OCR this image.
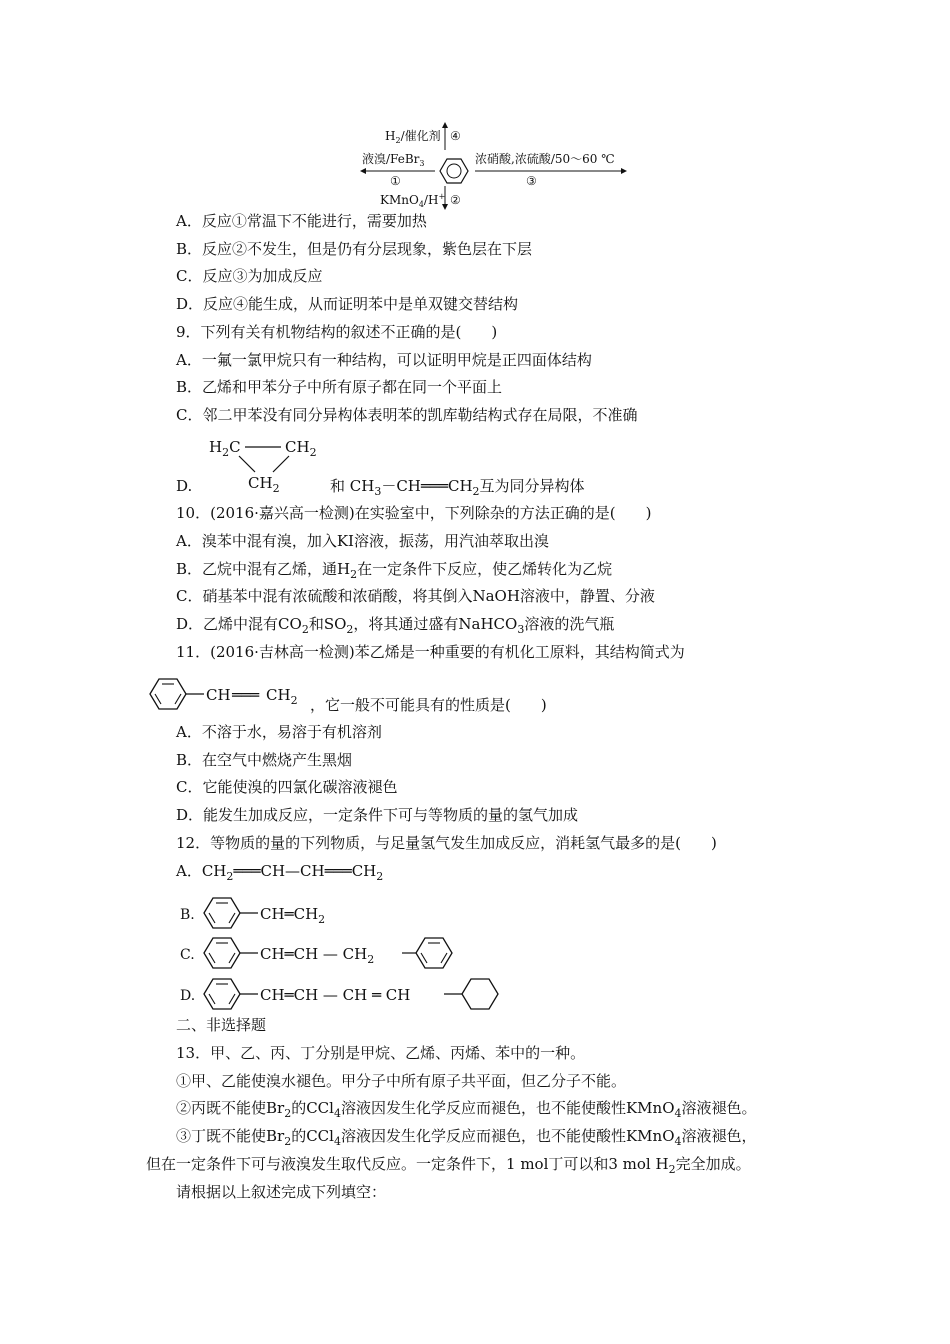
$H_2/$催化剂 ④
液溴/FeBr$_3$
①
浓硝酸,浓硫酸/50～60 ℃
③
KMnO$_4$/H+ ②
A．反应①常温下不能进行，需要加热
B．反应②不发生，但是仍有分层现象，紫色层在下层
C．反应③为加成反应
D．反应④能生成，从而证明苯中是单双键交替结构
9．下列有关有机物结构的叙述不正确的是(　　)
A．一氟一氯甲烷只有一种结构，可以证明甲烷是正四面体结构
B．乙烯和甲苯分子中所有原子都在同一个平面上
C．邻二甲苯没有同分异构体表明苯的凯库勒结构式存在局限，不准确
$H_2C$	$CH_2$
$CH_2$
D.	和 $CH_3-CH═══CH_2$互为同分异构体
10．(2016·嘉兴高一检测)在实验室中，下列除杂的方法正确的是(　　)
A．溴苯中混有溴，加入KI溶液，振荡，用汽油萃取出溴
B．乙烷中混有乙烯，通$H_2$在一定条件下反应，使乙烯转化为乙烷
C．硝基苯中混有浓硫酸和浓硝酸，将其倒入NaOH溶液中，静置、分液
D．乙烯中混有$CO_2$和$SO_2$，将其通过盛有NaHCO$_3$溶液的洗气瓶
11．(2016·吉林高一检测)苯乙烯是一种重要的有机化工原料，其结构简式为
CH ═══ $CH_2$ ，它一般不可能具有的性质是(　　)
A．不溶于水，易溶于有机溶剂
B．在空气中燃烧产生黑烟
C．它能使溴的四氯化碳溶液褪色
D．能发生加成反应，一定条件下可与等物质的量的氢气加成
12．等物质的量的下列物质，与足量氢气发生加成反应，消耗氢气最多的是(　　)
A．$CH_2═══CH—CH═══CH_2$
B.	$CH═CH_2$
C.	CH═CH — $CH_2$
D.	CH═CH — CH ═ CH
二、非选择题
13．甲、乙、丙、丁分别是甲烷、乙烯、丙烯、苯中的一种。
①甲、乙能使溴水褪色。甲分子中所有原子共平面，但乙分子不能。
②丙既不能使$Br_2$的CCl$_4$溶液因发生化学反应而褪色，也不能使酸性KMnO$_4$溶液褪色。
③丁既不能使$Br_2$的CCl$_4$溶液因发生化学反应而褪色，也不能使酸性KMnO$_4$溶液褪色，
但在一定条件下可与液溴发生取代反应。一定条件下，1 mol丁可以和3 mol $H_2$完全加成。
请根据以上叙述完成下列填空：
